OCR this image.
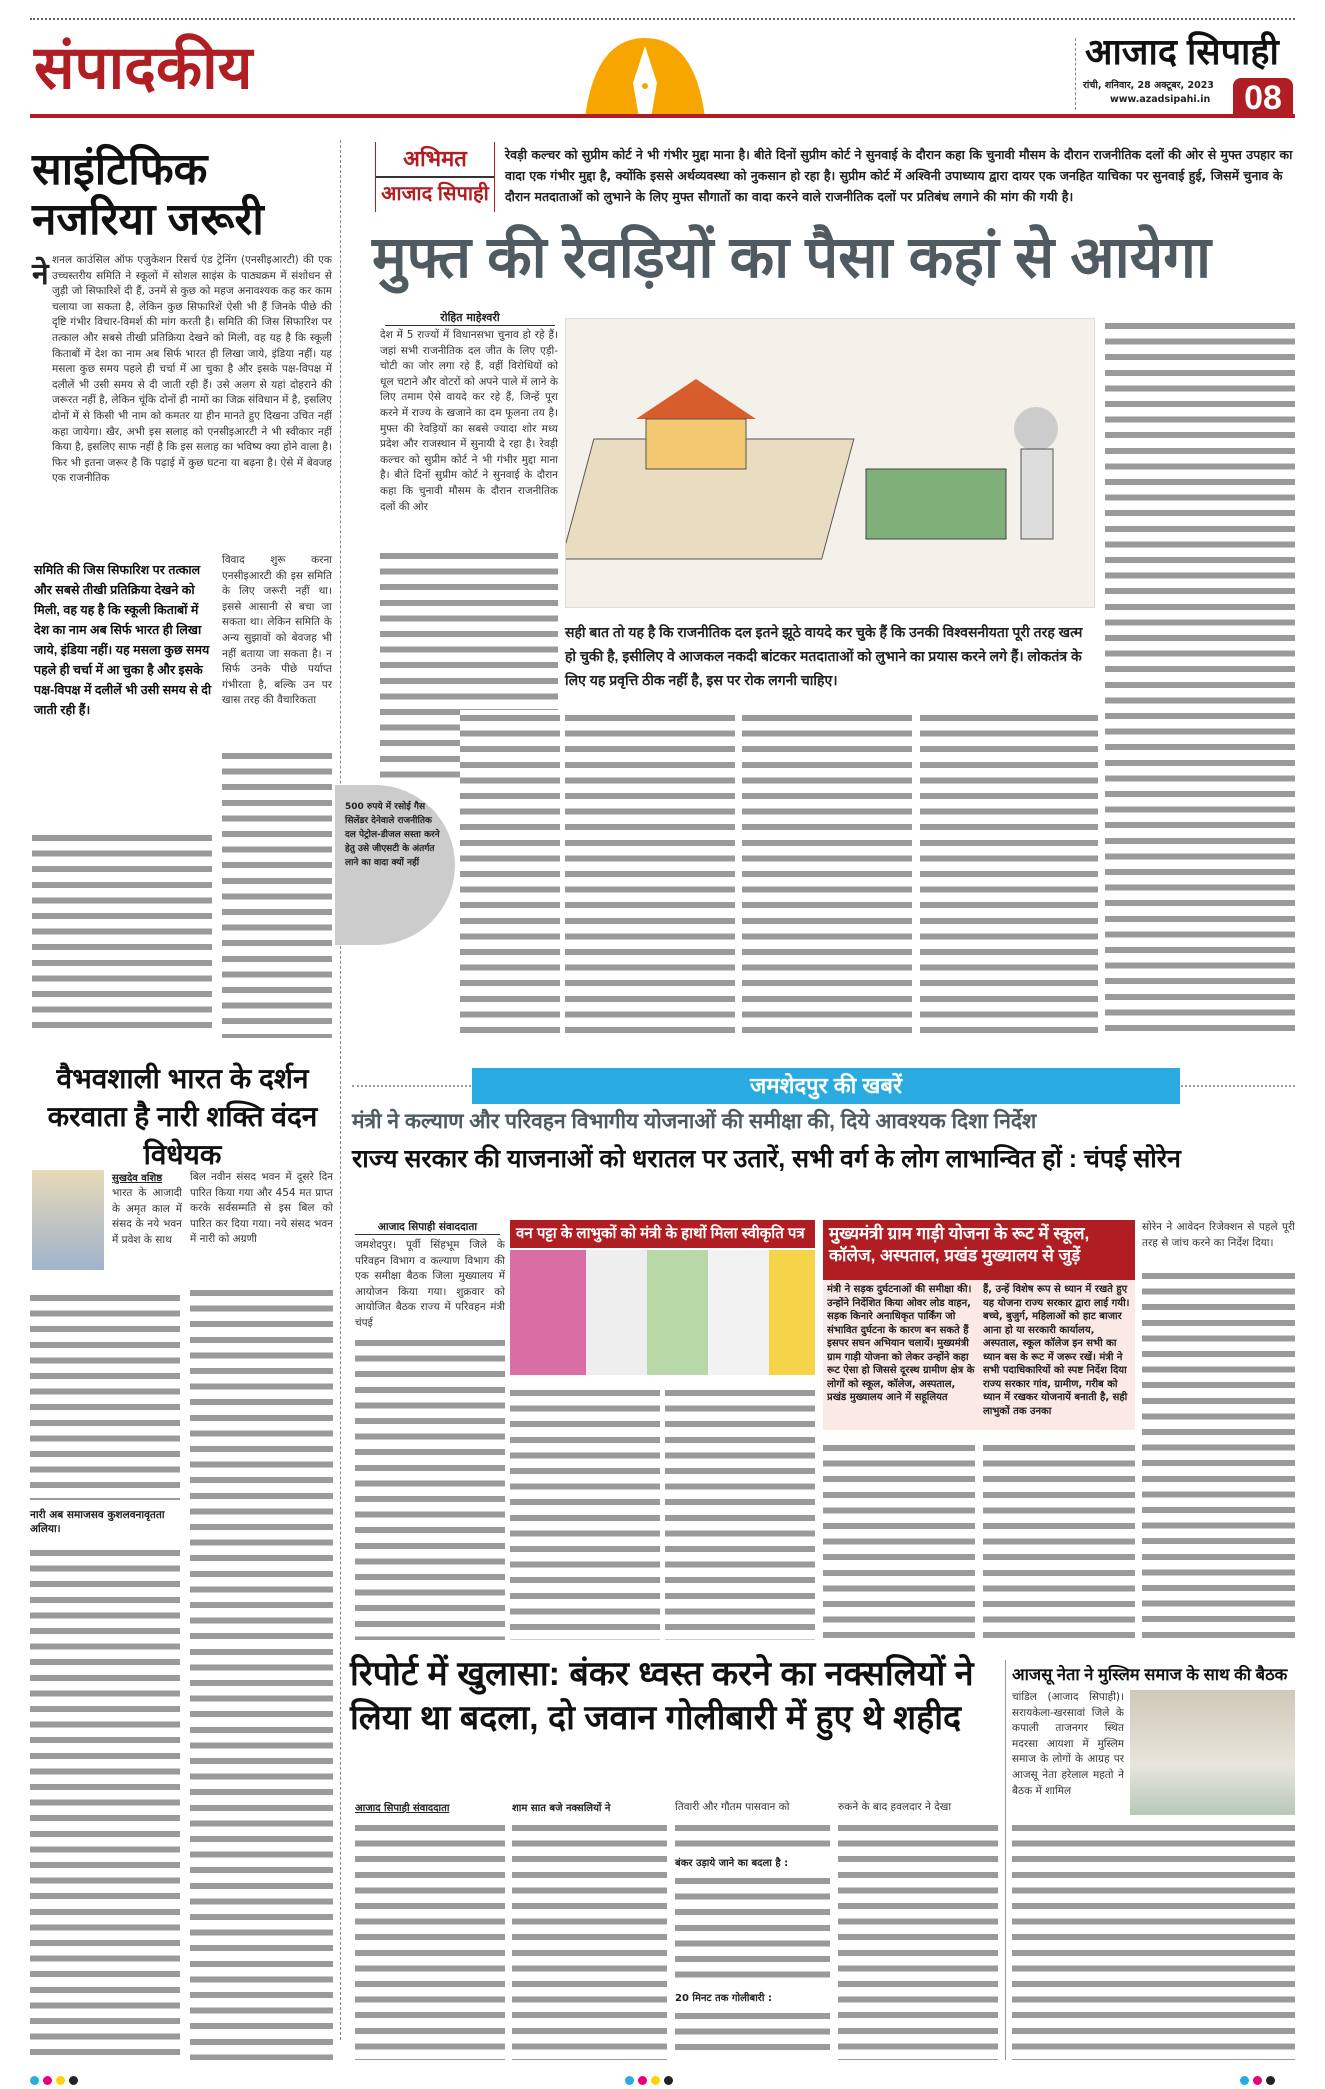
संपादकीय	आजाद सिपाही
रांची, शनिवार, 28 अक्टूबर, 2023
www.azadsipahi.in 08
साइंटिफिक नजरिया जरूरी
ने शनल काउंसिल ऑफ एजुकेशन रिसर्च एंड ट्रेनिंग (एनसीइआरटी) की एक उच्चस्तरीय समिति ने स्कूलों में सोशल साइंस के पाठ्यक्रम में संशोधन से जुड़ी जो सिफारिशें दी हैं, उनमें से कुछ को महज अनावश्यक कह कर काम चलाया जा सकता है, लेकिन कुछ सिफारिशें ऐसी भी हैं जिनके पीछे की दृष्टि गंभीर विचार-विमर्श की मांग करती है। समिति की जिस सिफारिश पर तत्काल और सबसे तीखी प्रतिक्रिया देखने को मिली, वह यह है कि स्कूली किताबों में देश का नाम अब सिर्फ भारत ही लिखा जाये, इंडिया नहीं। यह मसला कुछ समय पहले ही चर्चा में आ चुका है और इसके पक्ष-विपक्ष में दलीलें भी उसी समय से दी जाती रही हैं। उसे अलग से यहां दोहराने की जरूरत नहीं है, लेकिन चूंकि दोनों ही नामों का जिक्र संविधान में है, इसलिए दोनों में से किसी भी नाम को कमतर या हीन मानते हुए दिखना उचित नहीं कहा जायेगा। खैर, अभी इस सलाह को एनसीइआरटी ने भी स्वीकार नहीं किया है, इसलिए साफ नहीं है कि इस सलाह का भविष्य क्या होने वाला है। फिर भी इतना जरूर है कि पढ़ाई में कुछ घटना या बढ़ना है। ऐसे में बेवजह एक राजनीतिक
समिति की जिस सिफारिश पर तत्काल और सबसे तीखी प्रतिक्रिया देखने को मिली, वह यह है कि स्कूली किताबों में देश का नाम अब सिर्फ भारत ही लिखा जाये, इंडिया नहीं। यह मसला कुछ समय पहले ही चर्चा में आ चुका है और इसके पक्ष-विपक्ष में दलीलें भी उसी समय से दी जाती रही हैं।
विवाद शुरू करना एनसीइआरटी की इस समिति के लिए जरूरी नहीं था। इससे आसानी से बचा जा सकता था। लेकिन समिति के अन्य सुझावों को बेवजह भी नहीं बताया जा सकता है। न सिर्फ उनके पीछे पर्याप्त गंभीरता है, बल्कि उन पर खास तरह की वैचारिकता
अभिमत
आजाद सिपाही
रेवड़ी कल्चर को सुप्रीम कोर्ट ने भी गंभीर मुद्दा माना है। बीते दिनों सुप्रीम कोर्ट ने सुनवाई के दौरान कहा कि चुनावी मौसम के दौरान राजनीतिक दलों की ओर से मुफ्त उपहार का वादा एक गंभीर मुद्दा है, क्योंकि इससे अर्थव्यवस्था को नुकसान हो रहा है। सुप्रीम कोर्ट में अश्विनी उपाध्याय द्वारा दायर एक जनहित याचिका पर सुनवाई हुई, जिसमें चुनाव के दौरान मतदाताओं को लुभाने के लिए मुफ्त सौगातों का वादा करने वाले राजनीतिक दलों पर प्रतिबंध लगाने की मांग की गयी है।
मुफ्त की रेवड़ियों का पैसा कहां से आयेगा
रोहित माहेश्वरी
देश में 5 राज्यों में विधानसभा चुनाव हो रहे हैं। जहां सभी राजनीतिक दल जीत के लिए एड़ी-चोटी का जोर लगा रहे हैं, वहीं विरोधियों को धूल चटाने और वोटरों को अपने पाले में लाने के लिए तमाम ऐसे वायदे कर रहे हैं, जिन्हें पूरा करने में राज्य के खजाने का दम फूलना तय है। मुफ्त की रेवड़ियों का सबसे ज्यादा शोर मध्य प्रदेश और राजस्थान में सुनायी दे रहा है। रेवड़ी कल्चर को सुप्रीम कोर्ट ने भी गंभीर मुद्दा माना है। बीते दिनों सुप्रीम कोर्ट ने सुनवाई के दौरान कहा कि चुनावी मौसम के दौरान राजनीतिक दलों की ओर
सही बात तो यह है कि राजनीतिक दल इतने झूठे वायदे कर चुके हैं कि उनकी विश्वसनीयता पूरी तरह खत्म हो चुकी है, इसीलिए वे आजकल नकदी बांटकर मतदाताओं को लुभाने का प्रयास करने लगे हैं। लोकतंत्र के लिए यह प्रवृत्ति ठीक नहीं है, इस पर रोक लगनी चाहिए।
500 रुपये में रसोई गैस सिलेंडर देनेवाले राजनीतिक दल पेट्रोल-डीजल सस्ता करने हेतु उसे जीएसटी के अंतर्गत लाने का वादा क्यों नहीं
वैभवशाली भारत के दर्शन करवाता है नारी शक्ति वंदन विधेयक
सुखदेव वशिष्ठ
भारत के आजादी के अमृत काल में संसद के नये भवन में प्रवेश के साथ
बिल नवीन संसद भवन में दूसरे दिन पारित किया गया और 454 मत प्राप्त करके सर्वसम्मति से इस बिल को पारित कर दिया गया। नये संसद भवन में नारी को अग्रणी
नारी अब समाजसव कुशलवनावृतता अलिया।
जमशेदपुर की खबरें
मंत्री ने कल्याण और परिवहन विभागीय योजनाओं की समीक्षा की, दिये आवश्यक दिशा निर्देश
राज्य सरकार की याजनाओं को धरातल पर उतारें, सभी वर्ग के लोग लाभान्वित हों : चंपई सोरेन
आजाद सिपाही संवाददाता
जमशेदपुर। पूर्वी सिंहभूम जिले के परिवहन विभाग व कल्याण विभाग की एक समीक्षा बैठक जिला मुख्यालय में आयोजन किया गया। शुक्रवार को आयोजित बैठक राज्य में परिवहन मंत्री चंपई
वन पट्टा के लाभुकों को मंत्री के हाथों मिला स्वीकृति पत्र	मुख्यमंत्री ग्राम गाड़ी योजना के रूट में स्कूल, कॉलेज, अस्पताल, प्रखंड मुख्यालय से जुड़ें
मंत्री ने सड़क दुर्घटनाओं की समीक्षा की। उन्होंने निर्देशित किया ओवर लोड वाहन, सड़क किनारे अनाधिकृत पार्किंग जो संभावित दुर्घटना के कारण बन सकते हैं इसपर सघन अभियान चलायें। मुख्यमंत्री ग्राम गाड़ी योजना को लेकर उन्होंने कहा रूट ऐसा हो जिससे दूरस्थ ग्रामीण क्षेत्र के लोगों को स्कूल, कॉलेज, अस्पताल, प्रखंड मुख्यालय आने में सहूलियत
हैं, उन्हें विशेष रूप से ध्यान में रखते हुए यह योजना राज्य सरकार द्वारा लाई गयी। बच्चे, बुजुर्ग, महिलाओं को हाट बाजार आना हो या सरकारी कार्यालय, अस्पताल, स्कूल कॉलेज इन सभी का ध्यान बस के रूट में जरूर रखें। मंत्री ने सभी पदाधिकारियों को स्पष्ट निर्देश दिया राज्य सरकार गांव, ग्रामीण, गरीब को ध्यान में रखकर योजनायें बनाती है, सही लाभुकों तक उनका
सोरेन ने आवेदन रिजेक्शन से पहले पूरी तरह से जांच करने का निर्देश दिया।
रिपोर्ट में खुलासा: बंकर ध्वस्त करने का नक्सलियों ने लिया था बदला, दो जवान गोलीबारी में हुए थे शहीद
आजाद सिपाही संवाददाता	शाम सात बजे नक्सलियों ने	तिवारी और गौतम पासवान को
बंकर उड़ाये जाने का बदला है :
20 मिनट तक गोलीबारी :
रुकने के बाद हवलदार ने देखा
आजसू नेता ने मुस्लिम समाज के साथ की बैठक
चांडिल (आजाद सिपाही)। सरायकेला-खरसावां जिले के कपाली ताजनगर स्थित मदरसा आयशा में मुस्लिम समाज के लोगों के आग्रह पर आजसू नेता हरेलाल महतो ने बैठक में शामिल
